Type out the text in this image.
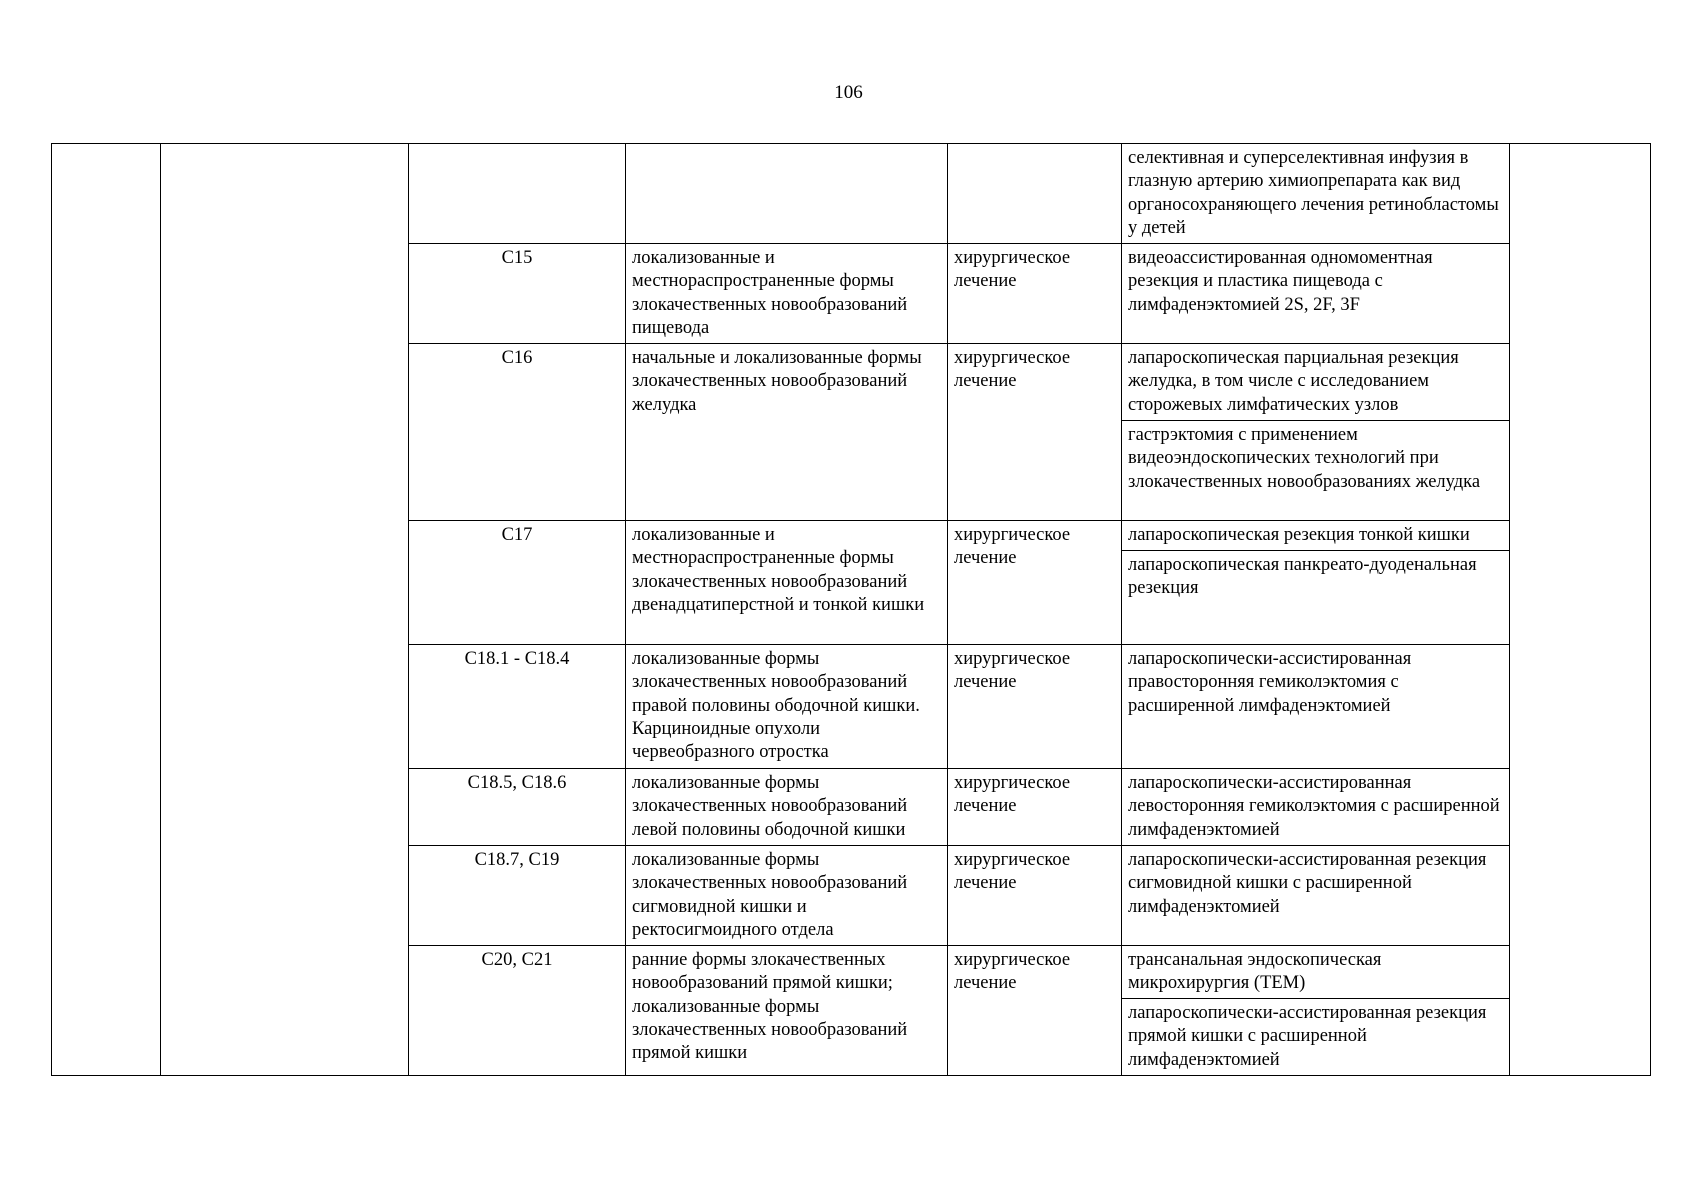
106
					селективная и суперселективная инфузия в глазную артерию химиопрепарата как вид органосохраняющего лечения ретинобластомы у детей	
		C15	локализованные и местнораспространенные формы злокачественных новообразований пищевода	хирургическое лечение	видеоассистированная одномоментная резекция и пластика пищевода с лимфаденэктомией 2S, 2F, 3F	
		C16	начальные и локализованные формы злокачественных новообразований желудка	хирургическое лечение	лапароскопическая парциальная резекция желудка, в том числе с исследованием сторожевых лимфатических узлов	
					гастрэктомия с применением видеоэндоскопических технологий при злокачественных новообразованиях желудка	
		C17	локализованные и местнораспространенные формы злокачественных новообразований двенадцатиперстной и тонкой кишки	хирургическое лечение	лапароскопическая резекция тонкой кишки	
					лапароскопическая панкреато-дуоденальная резекция	
		C18.1 - C18.4	локализованные формы злокачественных новообразований правой половины ободочной кишки. Карциноидные опухоли червеобразного отростка	хирургическое лечение	лапароскопически-ассистированная правосторонняя гемиколэктомия с расширенной лимфаденэктомией	
		C18.5, C18.6	локализованные формы злокачественных новообразований левой половины ободочной кишки	хирургическое лечение	лапароскопически-ассистированная левосторонняя гемиколэктомия с расширенной лимфаденэктомией	
		C18.7, C19	локализованные формы злокачественных новообразований сигмовидной кишки и ректосигмоидного отдела	хирургическое лечение	лапароскопически-ассистированная резекция сигмовидной кишки с расширенной лимфаденэктомией	
		C20, C21	ранние формы злокачественных новообразований прямой кишки; локализованные формы злокачественных новообразований прямой кишки	хирургическое лечение	трансанальная эндоскопическая микрохирургия (ТЕМ)	
					лапароскопически-ассистированная резекция прямой кишки с расширенной лимфаденэктомией	
